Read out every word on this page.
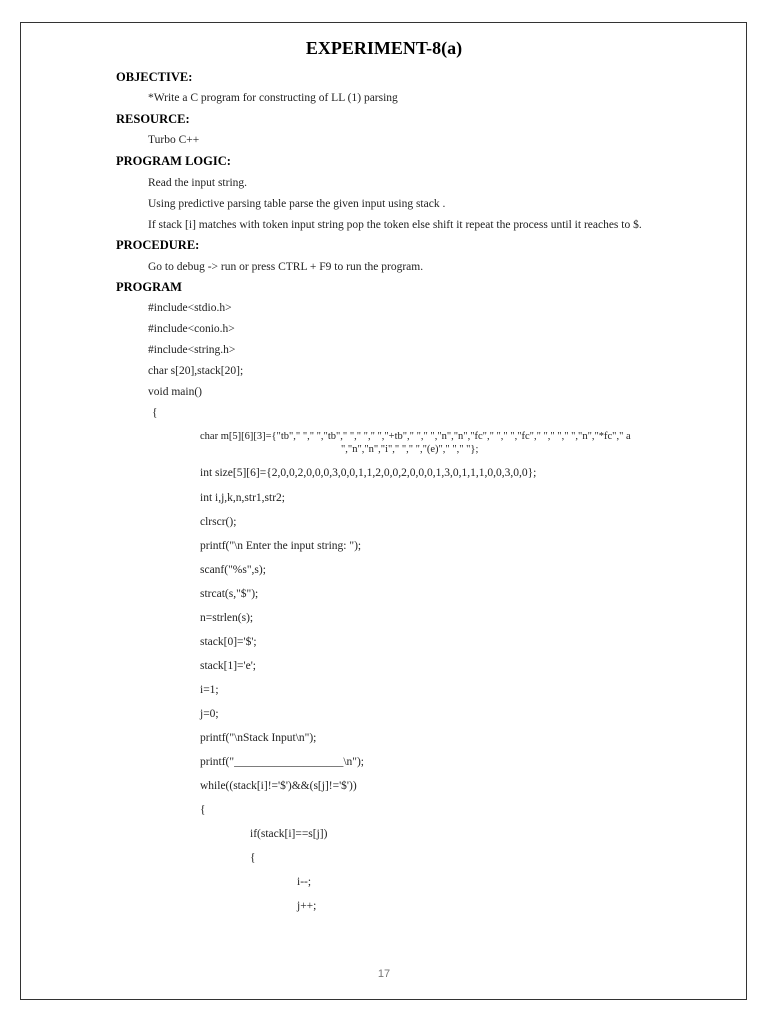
EXPERIMENT-8(a)
OBJECTIVE:
*Write a C program for constructing of LL (1) parsing
RESOURCE:
Turbo C++
PROGRAM LOGIC:
Read the input string.
Using predictive parsing table parse the given input using stack .
If stack [i] matches with token input string pop the token else shift it repeat the process until it reaches to $.
PROCEDURE:
Go to debug -> run or press CTRL + F9 to run the program.
PROGRAM
#include<stdio.h>
#include<conio.h>
#include<string.h>
char s[20],stack[20];
void main()
{
char m[5][6][3]={"tb"," "," ","tb"," "," "," ","+tb"," "," ","n","n","fc"," "," ","fc"," "," "," ","n","*fc"," a
","n","n","i"," "," ","(e)"," "," "};
int size[5][6]={2,0,0,2,0,0,0,3,0,0,1,1,2,0,0,2,0,0,0,1,3,0,1,1,1,0,0,3,0,0};
int i,j,k,n,str1,str2;
clrscr();
printf("\n Enter the input string: ");
scanf("%s",s);
strcat(s,"$");
n=strlen(s);
stack[0]='$';
stack[1]='e';
i=1;
j=0;
printf("\nStack Input\n");
printf("___________________\n");
while((stack[i]!='$')&&(s[j]!='$'))
{
if(stack[i]==s[j])
{
i--;
j++;
17
